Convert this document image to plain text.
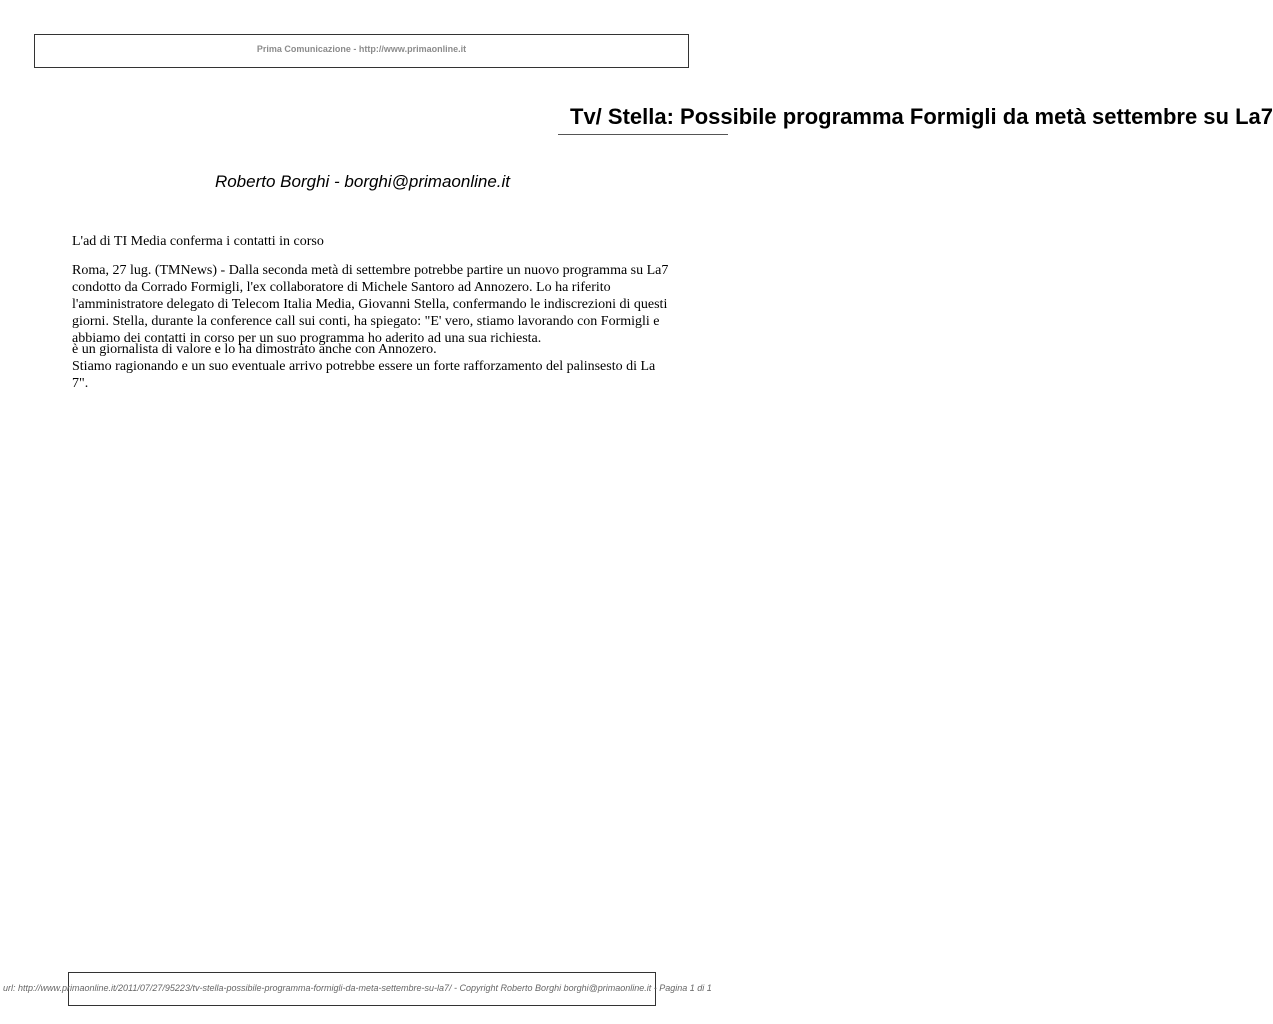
Prima Comunicazione - http://www.primaonline.it
Tv/ Stella: Possibile programma Formigli da metà settembre su La7
Roberto Borghi - borghi@primaonline.it
L'ad di TI Media conferma i contatti in corso

Roma, 27 lug. (TMNews) - Dalla seconda metà di settembre potrebbe partire un nuovo programma su La7 condotto da Corrado Formigli, l'ex collaboratore di Michele Santoro ad Annozero. Lo ha riferito l'amministratore delegato di Telecom Italia Media, Giovanni Stella, confermando le indiscrezioni di questi giorni. Stella, durante la conference call sui conti, ha spiegato: "E' vero, stiamo lavorando con Formigli e abbiamo dei contatti in corso per un suo programma ho aderito ad una sua richiesta.

è un giornalista di valore e lo ha dimostrato anche con Annozero.

Stiamo ragionando e un suo eventuale arrivo potrebbe essere un forte rafforzamento del palinsesto di La 7".

url: http://www.primaonline.it/2011/07/27/95223/tv-stella-possibile-programma-formigli-da-meta-settembre-su-la7/ - Copyright Roberto Borghi borghi@primaonline.it - Pagina 1 di 1
